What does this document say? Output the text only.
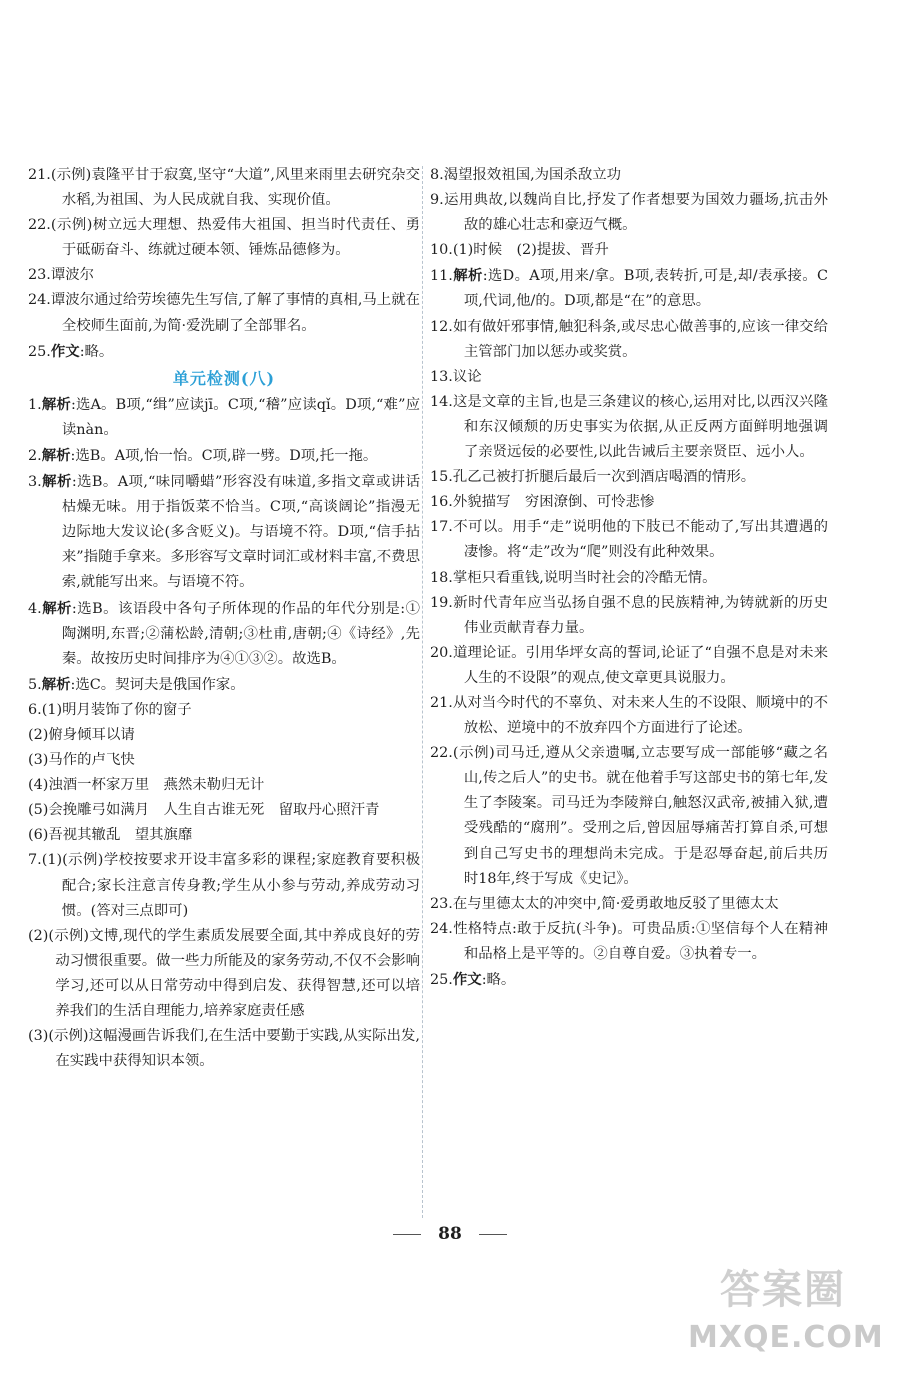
21.(示例)袁隆平甘于寂寞,坚守“大道”,风里来雨里去研究杂交水稻,为祖国、为人民成就自我、实现价值。

22.(示例)树立远大理想、热爱伟大祖国、担当时代责任、勇于砥砺奋斗、练就过硬本领、锤炼品德修为。

23.谭波尔

24.谭波尔通过给劳埃德先生写信,了解了事情的真相,马上就在全校师生面前,为简·爱洗刷了全部罪名。

25.作文:略。

单元检测(八)

1.解析:选A。B项,“缉”应读jī。C项,“稽”应读qǐ。D项,“难”应读nàn。

2.解析:选B。A项,怡一怡。C项,辟一劈。D项,托一拖。

3.解析:选B。A项,“味同嚼蜡”形容没有味道,多指文章或讲话枯燥无味。用于指饭菜不恰当。C项,“高谈阔论”指漫无边际地大发议论(多含贬义)。与语境不符。D项,“信手拈来”指随手拿来。多形容写文章时词汇或材料丰富,不费思索,就能写出来。与语境不符。

4.解析:选B。该语段中各句子所体现的作品的年代分别是:①陶渊明,东晋;②蒲松龄,清朝;③杜甫,唐朝;④《诗经》,先秦。故按历史时间排序为④①③②。故选B。

5.解析:选C。契诃夫是俄国作家。

6.(1)明月装饰了你的窗子

(2)俯身倾耳以请

(3)马作的卢飞快

(4)浊酒一杯家万里　燕然未勒归无计

(5)会挽雕弓如满月　人生自古谁无死　留取丹心照汗青

(6)吾视其辙乱　望其旗靡

7.(1)(示例)学校按要求开设丰富多彩的课程;家庭教育要积极配合;家长注意言传身教;学生从小参与劳动,养成劳动习惯。(答对三点即可)

(2)(示例)文博,现代的学生素质发展要全面,其中养成良好的劳动习惯很重要。做一些力所能及的家务劳动,不仅不会影响学习,还可以从日常劳动中得到启发、获得智慧,还可以培养我们的生活自理能力,培养家庭责任感

(3)(示例)这幅漫画告诉我们,在生活中要勤于实践,从实际出发,在实践中获得知识本领。

8.渴望报效祖国,为国杀敌立功

9.运用典故,以魏尚自比,抒发了作者想要为国效力疆场,抗击外敌的雄心壮志和豪迈气概。

10.(1)时候　(2)提拔、晋升

11.解析:选D。A项,用来/拿。B项,表转折,可是,却/表承接。C项,代词,他/的。D项,都是“在”的意思。

12.如有做奸邪事情,触犯科条,或尽忠心做善事的,应该一律交给主管部门加以惩办或奖赏。

13.议论

14.这是文章的主旨,也是三条建议的核心,运用对比,以西汉兴隆和东汉倾颓的历史事实为依据,从正反两方面鲜明地强调了亲贤远佞的必要性,以此告诫后主要亲贤臣、远小人。

15.孔乙己被打折腿后最后一次到酒店喝酒的情形。

16.外貌描写　穷困潦倒、可怜悲惨

17.不可以。用手“走”说明他的下肢已不能动了,写出其遭遇的凄惨。将“走”改为“爬”则没有此种效果。

18.掌柜只看重钱,说明当时社会的冷酷无情。

19.新时代青年应当弘扬自强不息的民族精神,为铸就新的历史伟业贡献青春力量。

20.道理论证。引用华坪女高的誓词,论证了“自强不息是对未来人生的不设限”的观点,使文章更具说服力。

21.从对当今时代的不辜负、对未来人生的不设限、顺境中的不放松、逆境中的不放弃四个方面进行了论述。

22.(示例)司马迁,遵从父亲遗嘱,立志要写成一部能够“藏之名山,传之后人”的史书。就在他着手写这部史书的第七年,发生了李陵案。司马迁为李陵辩白,触怒汉武帝,被捕入狱,遭受残酷的“腐刑”。受刑之后,曾因屈辱痛苦打算自杀,可想到自己写史书的理想尚未完成。于是忍辱奋起,前后共历时18年,终于写成《史记》。

23.在与里德太太的冲突中,简·爱勇敢地反驳了里德太太

24.性格特点:敢于反抗(斗争)。可贵品质:①坚信每个人在精神和品格上是平等的。②自尊自爱。③执着专一。

25.作文:略。

88
答案圈
MXQE.COM
